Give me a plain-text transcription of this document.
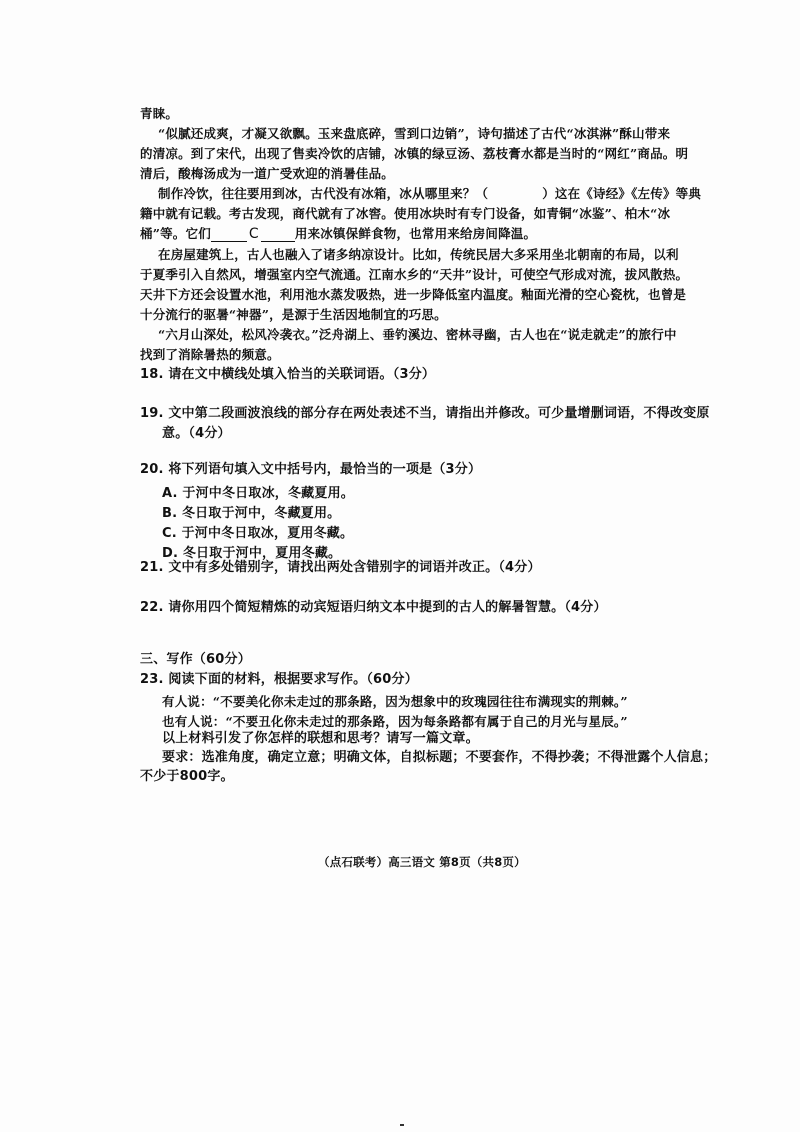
青睐。
“似腻还成爽，才凝又欲飘。玉来盘底碎，雪到口边销”，诗句描述了古代“冰淇淋”酥山带来
的清凉。到了宋代，出现了售卖冷饮的店铺，冰镇的绿豆汤、荔枝膏水都是当时的“网红”商品。明
清后，酸梅汤成为一道广受欢迎的消暑佳品。
制作冷饮，往往要用到冰，古代没有冰箱，冰从哪里来？（	）这在《诗经》《左传》等典
籍中就有记载。考古发现，商代就有了冰窖。使用冰块时有专门设备，如青铜“冰鉴”、柏木“冰
桶”等。它们	C	用来冰镇保鲜食物，也常用来给房间降温。
在房屋建筑上，古人也融入了诸多纳凉设计。比如，传统民居大多采用坐北朝南的布局，以利
于夏季引入自然风，增强室内空气流通。江南水乡的“天井”设计，可使空气形成对流，拔风散热。
天井下方还会设置水池，利用池水蒸发吸热，进一步降低室内温度。釉面光滑的空心瓷枕，也曾是
十分流行的驱暑“神器”，是源于生活因地制宜的巧思。
“六月山深处，松风冷袭衣。”泛舟湖上、垂钓溪边、密林寻幽，古人也在“说走就走”的旅行中
找到了消除暑热的频意。
18. 请在文中横线处填入恰当的关联词语。（3分）
19. 文中第二段画波浪线的部分存在两处表述不当，请指出并修改。可少量增删词语，不得改变原
意。（4分）
20. 将下列语句填入文中括号内，最恰当的一项是（3分）
A. 于河中冬日取冰，冬藏夏用。
B. 冬日取于河中，冬藏夏用。
C. 于河中冬日取冰，夏用冬藏。
D. 冬日取于河中，夏用冬藏。
21. 文中有多处错别字，请找出两处含错别字的词语并改正。（4分）
22. 请你用四个简短精炼的动宾短语归纳文本中提到的古人的解暑智慧。（4分）
三、写作（60分）
23. 阅读下面的材料，根据要求写作。（60分）
有人说：“不要美化你未走过的那条路，因为想象中的玫瑰园往往布满现实的荆棘。”
也有人说：“不要丑化你未走过的那条路，因为每条路都有属于自己的月光与星辰。”
以上材料引发了你怎样的联想和思考？请写一篇文章。
要求：选准角度，确定立意；明确文体，自拟标题；不要套作，不得抄袭；不得泄露个人信息；
不少于800字。
（点石联考）高三语文 第8页（共8页）
